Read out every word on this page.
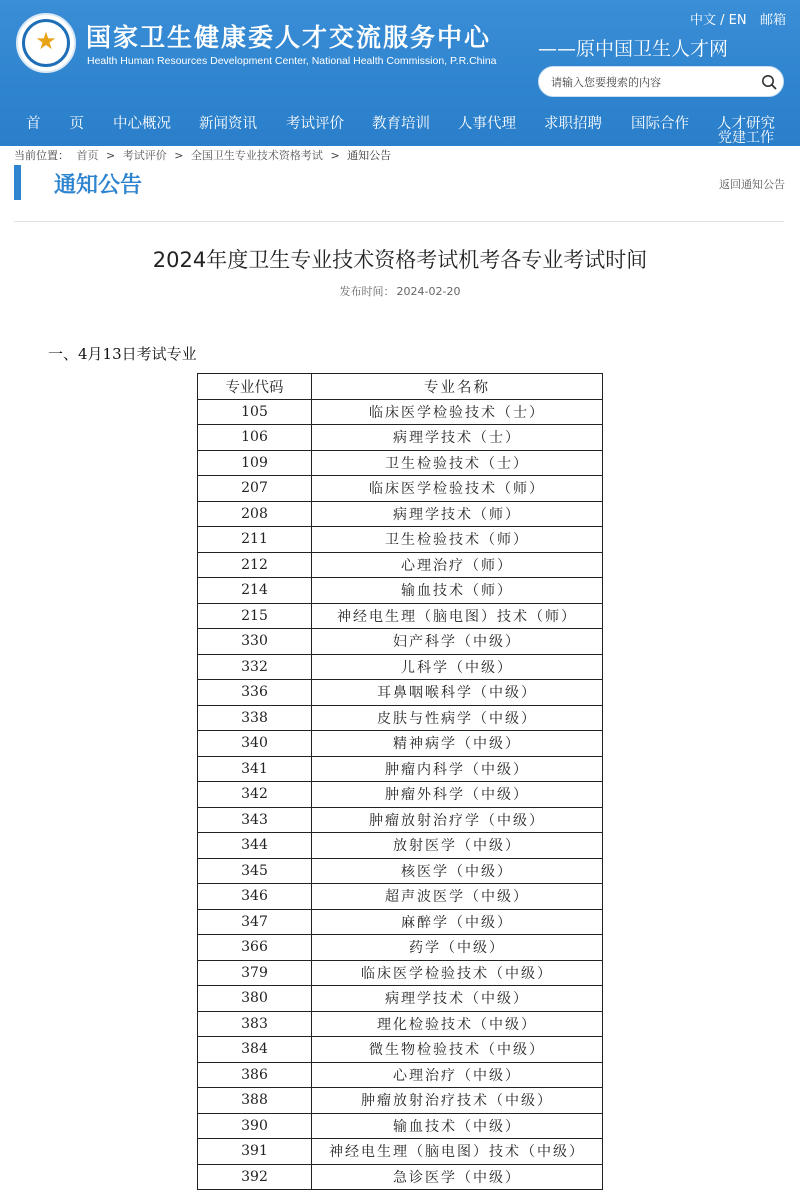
★	国家卫生健康委人才交流服务中心
Health Human Resources Development Center, National Health Commission, P.R.China
中文 / EN 邮箱
——原中国卫生人才网
请输入您要搜索的内容
首　　页 中心概况 新闻资讯 考试评价 教育培训 人事代理 求职招聘 国际合作 人才研究
党建工作
当前位置： 首页 > 考试评价 > 全国卫生专业技术资格考试 > 通知公告
通知公告	返回通知公告
2024年度卫生专业技术资格考试机考各专业考试时间
发布时间： 2024-02-20
一、4月13日考试专业
专业代码	专业名称
105	临床医学检验技术（士）
106	病理学技术（士）
109	卫生检验技术（士）
207	临床医学检验技术（师）
208	病理学技术（师）
211	卫生检验技术（师）
212	心理治疗（师）
214	输血技术（师）
215	神经电生理（脑电图）技术（师）
330	妇产科学（中级）
332	儿科学（中级）
336	耳鼻咽喉科学（中级）
338	皮肤与性病学（中级）
340	精神病学（中级）
341	肿瘤内科学（中级）
342	肿瘤外科学（中级）
343	肿瘤放射治疗学（中级）
344	放射医学（中级）
345	核医学（中级）
346	超声波医学（中级）
347	麻醉学（中级）
366	药学（中级）
379	临床医学检验技术（中级）
380	病理学技术（中级）
383	理化检验技术（中级）
384	微生物检验技术（中级）
386	心理治疗（中级）
388	肿瘤放射治疗技术（中级）
390	输血技术（中级）
391	神经电生理（脑电图）技术（中级）
392	急诊医学（中级）
